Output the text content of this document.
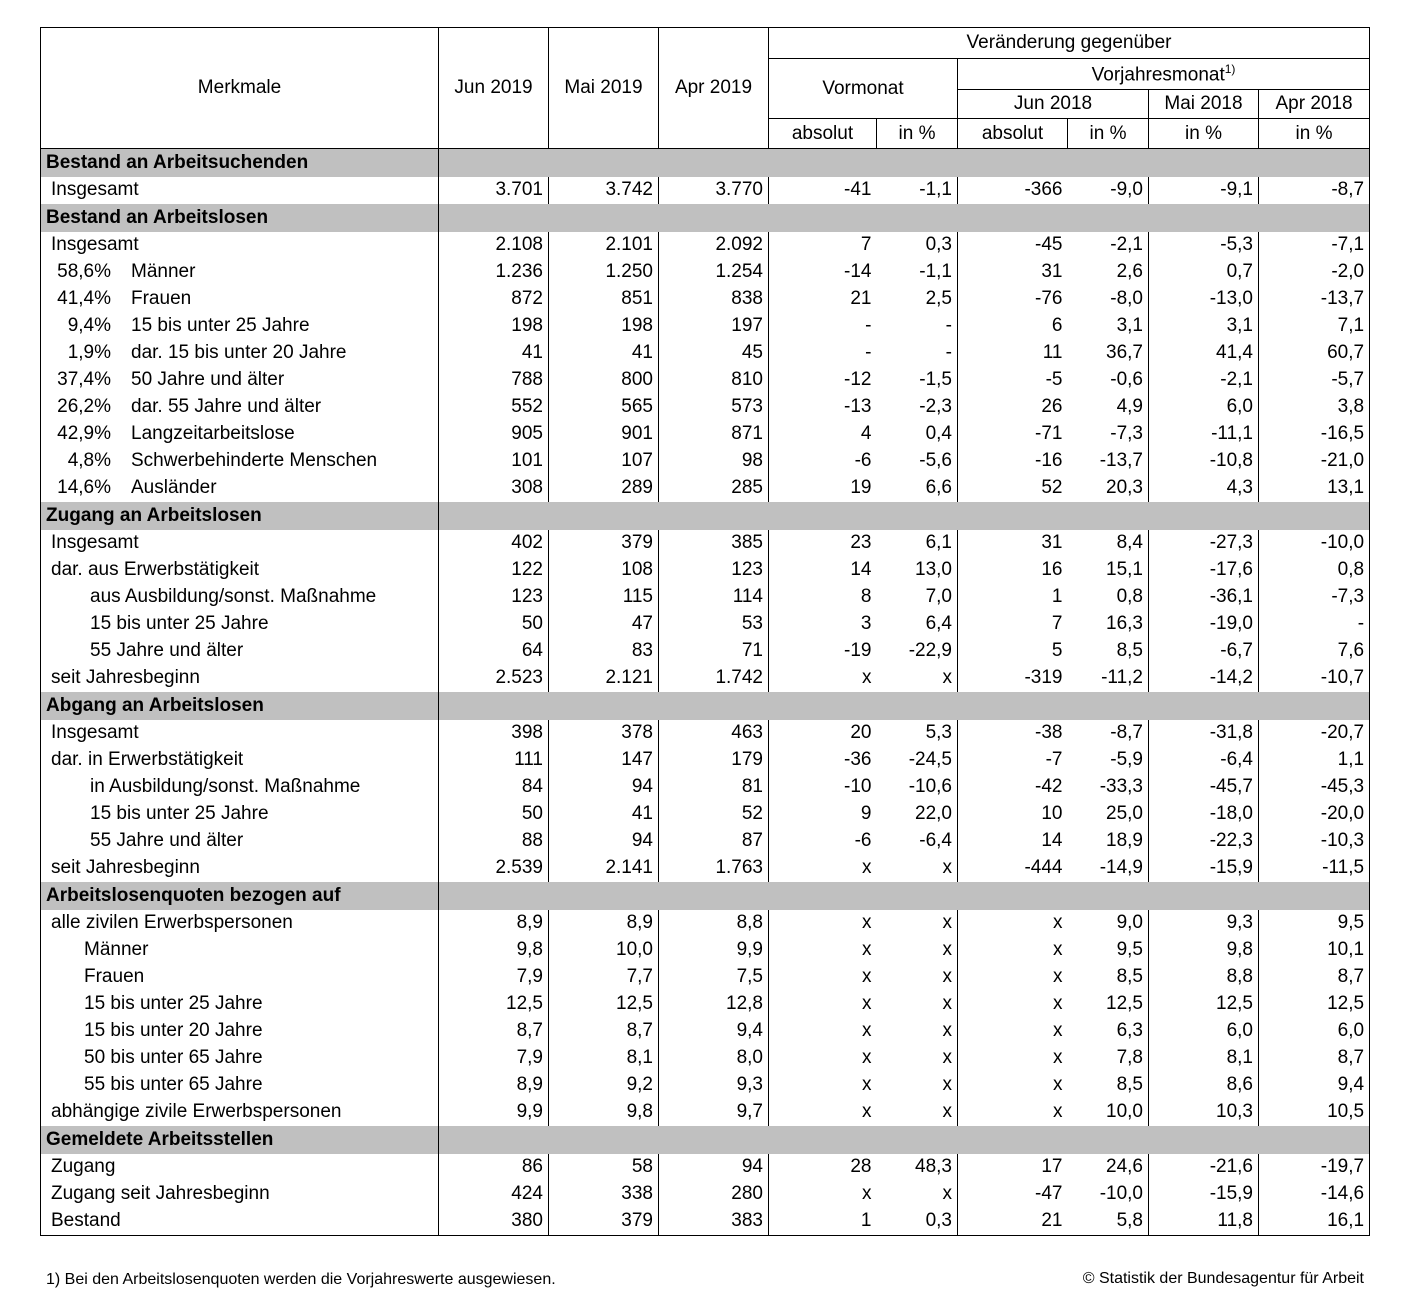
Merkmale	Jun 2019	Mai 2019	Apr 2019	Veränderung gegenüber					
				Vormonat		Vorjahresmonat$^{1)}$
						Jun 2018		Mai 2018	Apr 2018
				absolut	in %	absolut	in %	in %	in %
Bestand an Arbeitsuchenden									
Insgesamt	3.701	3.742	3.770	-41	-1,1	-366	-9,0	-9,1	-8,7
Bestand an Arbeitslosen									
Insgesamt	2.108	2.101	2.092	7	0,3	-45	-2,1	-5,3	-7,1
58,6% Männer	1.236	1.250	1.254	-14	-1,1	31	2,6	0,7	-2,0
41,4% Frauen	872	851	838	21	2,5	-76	-8,0	-13,0	-13,7
9,4% 15 bis unter 25 Jahre	198	198	197	-	-	6	3,1	3,1	7,1
1,9% dar. 15 bis unter 20 Jahre	41	41	45	-	-	11	36,7	41,4	60,7
37,4% 50 Jahre und älter	788	800	810	-12	-1,5	-5	-0,6	-2,1	-5,7
26,2% dar. 55 Jahre und älter	552	565	573	-13	-2,3	26	4,9	6,0	3,8
42,9% Langzeitarbeitslose	905	901	871	4	0,4	-71	-7,3	-11,1	-16,5
4,8% Schwerbehinderte Menschen	101	107	98	-6	-5,6	-16	-13,7	-10,8	-21,0
14,6% Ausländer	308	289	285	19	6,6	52	20,3	4,3	13,1
Zugang an Arbeitslosen									
Insgesamt	402	379	385	23	6,1	31	8,4	-27,3	-10,0
dar. aus Erwerbstätigkeit	122	108	123	14	13,0	16	15,1	-17,6	0,8
aus Ausbildung/sonst. Maßnahme	123	115	114	8	7,0	1	0,8	-36,1	-7,3
15 bis unter 25 Jahre	50	47	53	3	6,4	7	16,3	-19,0	-
55 Jahre und älter	64	83	71	-19	-22,9	5	8,5	-6,7	7,6
seit Jahresbeginn	2.523	2.121	1.742	x	x	-319	-11,2	-14,2	-10,7
Abgang an Arbeitslosen									
Insgesamt	398	378	463	20	5,3	-38	-8,7	-31,8	-20,7
dar. in Erwerbstätigkeit	111	147	179	-36	-24,5	-7	-5,9	-6,4	1,1
in Ausbildung/sonst. Maßnahme	84	94	81	-10	-10,6	-42	-33,3	-45,7	-45,3
15 bis unter 25 Jahre	50	41	52	9	22,0	10	25,0	-18,0	-20,0
55 Jahre und älter	88	94	87	-6	-6,4	14	18,9	-22,3	-10,3
seit Jahresbeginn	2.539	2.141	1.763	x	x	-444	-14,9	-15,9	-11,5
Arbeitslosenquoten bezogen auf									
alle zivilen Erwerbspersonen	8,9	8,9	8,8	x	x	x	9,0	9,3	9,5
Männer	9,8	10,0	9,9	x	x	x	9,5	9,8	10,1
Frauen	7,9	7,7	7,5	x	x	x	8,5	8,8	8,7
15 bis unter 25 Jahre	12,5	12,5	12,8	x	x	x	12,5	12,5	12,5
15 bis unter 20 Jahre	8,7	8,7	9,4	x	x	x	6,3	6,0	6,0
50 bis unter 65 Jahre	7,9	8,1	8,0	x	x	x	7,8	8,1	8,7
55 bis unter 65 Jahre	8,9	9,2	9,3	x	x	x	8,5	8,6	9,4
abhängige zivile Erwerbspersonen	9,9	9,8	9,7	x	x	x	10,0	10,3	10,5
Gemeldete Arbeitsstellen									
Zugang	86	58	94	28	48,3	17	24,6	-21,6	-19,7
Zugang seit Jahresbeginn	424	338	280	x	x	-47	-10,0	-15,9	-14,6
Bestand	380	379	383	1	0,3	21	5,8	11,8	16,1
1) Bei den Arbeitslosenquoten werden die Vorjahreswerte ausgewiesen.	© Statistik der Bundesagentur für Arbeit
